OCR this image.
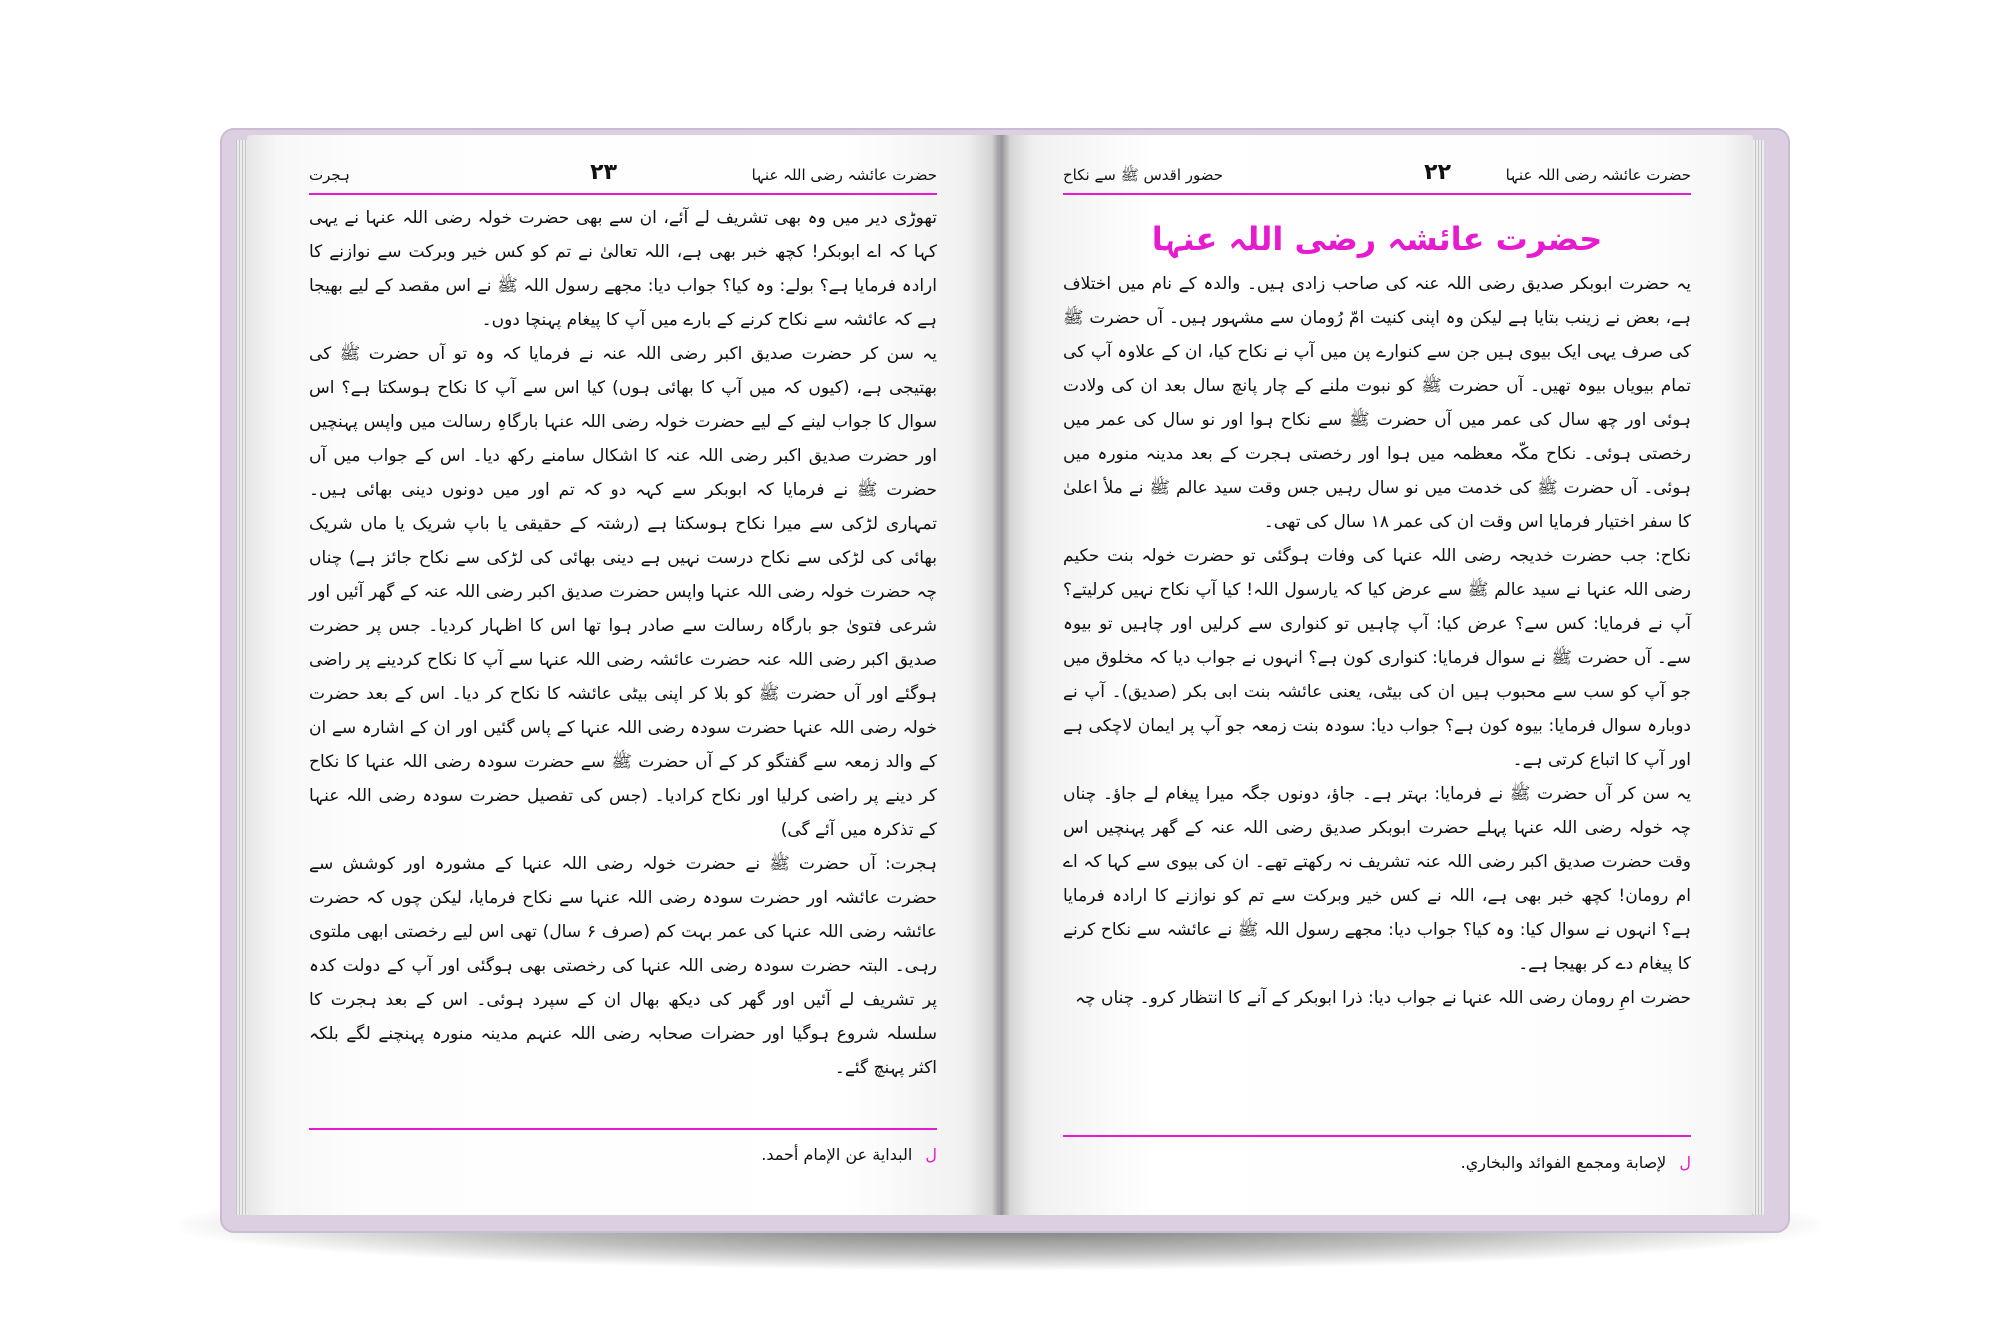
حضرت عائشہ رضی اللہ عنہا
۲۳
ہجرت

تھوڑی دیر میں وہ بھی تشریف لے آئے، ان سے بھی حضرت خولہ رضی اللہ عنہا نے یہی کہا کہ اے ابوبکر! کچھ خبر بھی ہے، اللہ تعالیٰ نے تم کو کس خیر وبرکت سے نوازنے کا ارادہ فرمایا ہے؟ بولے: وہ کیا؟ جواب دیا: مجھے رسول اللہ ﷺ نے اس مقصد کے لیے بھیجا ہے کہ عائشہ سے نکاح کرنے کے بارے میں آپ کا پیغام پہنچا دوں۔

یہ سن کر حضرت صدیق اکبر رضی اللہ عنہ نے فرمایا کہ وہ تو آں حضرت ﷺ کی بھتیجی ہے، (کیوں کہ میں آپ کا بھائی ہوں) کیا اس سے آپ کا نکاح ہوسکتا ہے؟ اس سوال کا جواب لینے کے لیے حضرت خولہ رضی اللہ عنہا بارگاہِ رسالت میں واپس پہنچیں اور حضرت صدیق اکبر رضی اللہ عنہ کا اشکال سامنے رکھ دیا۔ اس کے جواب میں آں حضرت ﷺ نے فرمایا کہ ابوبکر سے کہہ دو کہ تم اور میں دونوں دینی بھائی ہیں۔ تمہاری لڑکی سے میرا نکاح ہوسکتا ہے (رشتہ کے حقیقی یا باپ شریک یا ماں شریک بھائی کی لڑکی سے نکاح درست نہیں ہے دینی بھائی کی لڑکی سے نکاح جائز ہے) چناں چہ حضرت خولہ رضی اللہ عنہا واپس حضرت صدیق اکبر رضی اللہ عنہ کے گھر آئیں اور شرعی فتویٰ جو بارگاہ رسالت سے صادر ہوا تھا اس کا اظہار کردیا۔ جس پر حضرت صدیق اکبر رضی اللہ عنہ حضرت عائشہ رضی اللہ عنہا سے آپ کا نکاح کردینے پر راضی ہوگئے اور آں حضرت ﷺ کو بلا کر اپنی بیٹی عائشہ کا نکاح کر دیا۔ اس کے بعد حضرت خولہ رضی اللہ عنہا حضرت سودہ رضی اللہ عنہا کے پاس گئیں اور ان کے اشارہ سے ان کے والد زمعہ سے گفتگو کر کے آں حضرت ﷺ سے حضرت سودہ رضی اللہ عنہا کا نکاح کر دینے پر راضی کرلیا اور نکاح کرادیا۔ (جس کی تفصیل حضرت سودہ رضی اللہ عنہا کے تذکرہ میں آئے گی)

ہجرت: آں حضرت ﷺ نے حضرت خولہ رضی اللہ عنہا کے مشورہ اور کوشش سے حضرت عائشہ اور حضرت سودہ رضی اللہ عنہا سے نکاح فرمایا، لیکن چوں کہ حضرت عائشہ رضی اللہ عنہا کی عمر بہت کم (صرف ۶ سال) تھی اس لیے رخصتی ابھی ملتوی رہی۔ البتہ حضرت سودہ رضی اللہ عنہا کی رخصتی بھی ہوگئی اور آپ کے دولت کدہ پر تشریف لے آئیں اور گھر کی دیکھ بھال ان کے سپرد ہوئی۔ اس کے بعد ہجرت کا سلسلہ شروع ہوگیا اور حضرات صحابہ رضی اللہ عنہم مدینہ منورہ پہنچنے لگے بلکہ اکثر پہنچ گئے۔

ل البداية عن الإمام أحمد.
حضرت عائشہ رضی اللہ عنہا
۲۲
حضور اقدس ﷺ سے نکاح
حضرت عائشہ رضی اللہ عنہا

یہ حضرت ابوبکر صدیق رضی اللہ عنہ کی صاحب زادی ہیں۔ والدہ کے نام میں اختلاف ہے، بعض نے زینب بتایا ہے لیکن وہ اپنی کنیت امّ رُومان سے مشہور ہیں۔ آں حضرت ﷺ کی صرف یہی ایک بیوی ہیں جن سے کنوارے پن میں آپ نے نکاح کیا، ان کے علاوہ آپ کی تمام بیویاں بیوہ تھیں۔ آں حضرت ﷺ کو نبوت ملنے کے چار پانچ سال بعد ان کی ولادت ہوئی اور چھ سال کی عمر میں آں حضرت ﷺ سے نکاح ہوا اور نو سال کی عمر میں رخصتی ہوئی۔ نکاح مکّہ معظمہ میں ہوا اور رخصتی ہجرت کے بعد مدینہ منورہ میں ہوئی۔ آں حضرت ﷺ کی خدمت میں نو سال رہیں جس وقت سید عالم ﷺ نے ملأ اعلیٰ کا سفر اختیار فرمایا اس وقت ان کی عمر ۱۸ سال کی تھی۔

نکاح: جب حضرت خدیجہ رضی اللہ عنہا کی وفات ہوگئی تو حضرت خولہ بنت حکیم رضی اللہ عنہا نے سید عالم ﷺ سے عرض کیا کہ یارسول اللہ! کیا آپ نکاح نہیں کرلیتے؟ آپ نے فرمایا: کس سے؟ عرض کیا: آپ چاہیں تو کنواری سے کرلیں اور چاہیں تو بیوہ سے۔ آں حضرت ﷺ نے سوال فرمایا: کنواری کون ہے؟ انہوں نے جواب دیا کہ مخلوق میں جو آپ کو سب سے محبوب ہیں ان کی بیٹی، یعنی عائشہ بنت ابی بکر (صدیق)۔ آپ نے دوبارہ سوال فرمایا: بیوہ کون ہے؟ جواب دیا: سودہ بنت زمعہ جو آپ پر ایمان لاچکی ہے اور آپ کا اتباع کرتی ہے۔

یہ سن کر آں حضرت ﷺ نے فرمایا: بہتر ہے۔ جاؤ، دونوں جگہ میرا پیغام لے جاؤ۔ چناں چہ خولہ رضی اللہ عنہا پہلے حضرت ابوبکر صدیق رضی اللہ عنہ کے گھر پہنچیں اس وقت حضرت صدیق اکبر رضی اللہ عنہ تشریف نہ رکھتے تھے۔ ان کی بیوی سے کہا کہ اے ام رومان! کچھ خبر بھی ہے، اللہ نے کس خیر وبرکت سے تم کو نوازنے کا ارادہ فرمایا ہے؟ انہوں نے سوال کیا: وہ کیا؟ جواب دیا: مجھے رسول اللہ ﷺ نے عائشہ سے نکاح کرنے کا پیغام دے کر بھیجا ہے۔

حضرت امِ رومان رضی اللہ عنہا نے جواب دیا: ذرا ابوبکر کے آنے کا انتظار کرو۔ چناں چہ

ل لإصابة ومجمع الفوائد والبخاري.
